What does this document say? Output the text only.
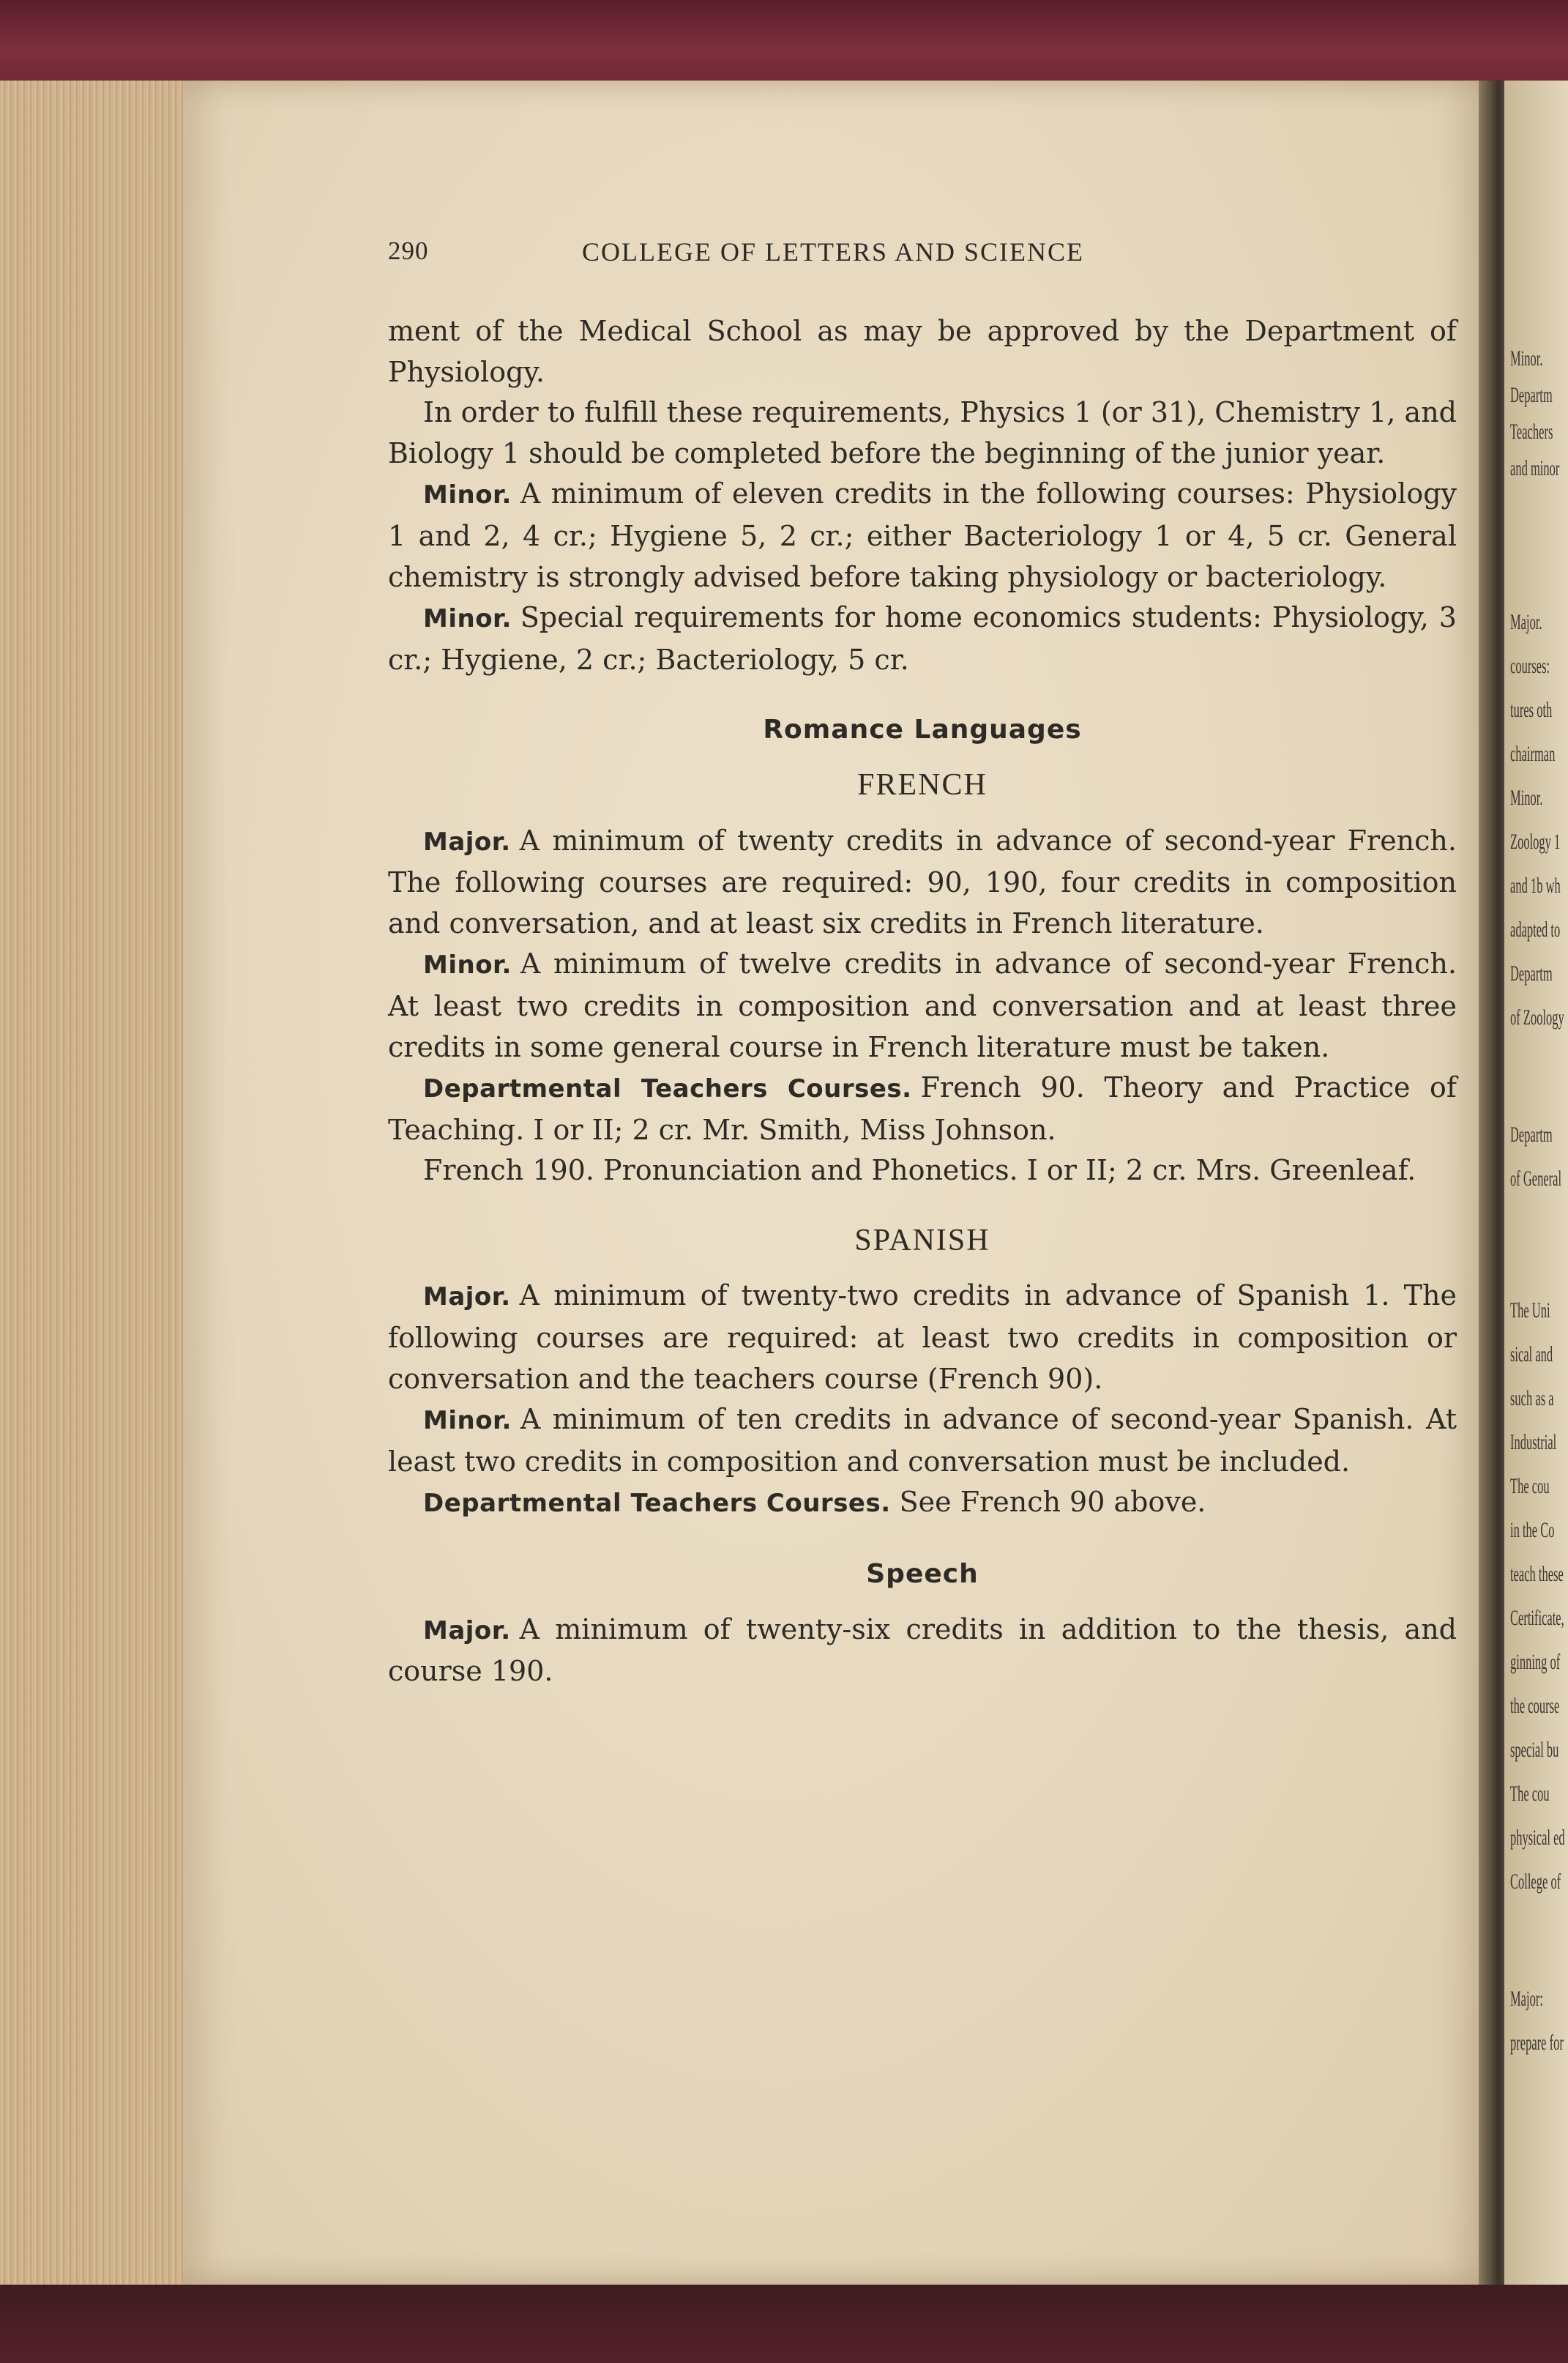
Minor.
Departm
Teachers
and minor
Major.
courses:
tures oth
chairman
Minor.
Zoology 1
and 1b wh
adapted to
Departm
of Zoology
Departm
of General
The Uni
sical and
such as a
Industrial
The cou
in the Co
teach these
Certificate,
ginning of
the course
special bu
The cou
physical ed
College of
Major:
prepare for
290	COLLEGE OF LETTERS AND SCIENCE

ment of the Medical School as may be approved by the Department of Physiology.

In order to fulfill these requirements, Physics 1 (or 31), Chemistry 1, and Biology 1 should be completed before the beginning of the junior year.

Minor. A minimum of eleven credits in the following courses: Physiology 1 and 2, 4 cr.; Hygiene 5, 2 cr.; either Bacteriology 1 or 4, 5 cr. General chemistry is strongly advised before taking physiology or bacteriology.

Minor. Special requirements for home economics students: Physiology, 3 cr.; Hygiene, 2 cr.; Bacteriology, 5 cr.

Romance Languages

FRENCH

Major. A minimum of twenty credits in advance of second-year French. The following courses are required: 90, 190, four credits in composition and conversation, and at least six credits in French literature.

Minor. A minimum of twelve credits in advance of second-year French. At least two credits in composition and conversation and at least three credits in some general course in French literature must be taken.

Departmental Teachers Courses. French 90. Theory and Practice of Teaching. I or II; 2 cr. Mr. Smith, Miss Johnson.

French 190. Pronunciation and Phonetics. I or II; 2 cr. Mrs. Greenleaf.

SPANISH

Major. A minimum of twenty-two credits in advance of Spanish 1. The following courses are required: at least two credits in composition or conversation and the teachers course (French 90).

Minor. A minimum of ten credits in advance of second-year Spanish. At least two credits in composition and conversation must be included.

Departmental Teachers Courses. See French 90 above.

Speech

Major. A minimum of twenty-six credits in addition to the thesis, and course 190.
